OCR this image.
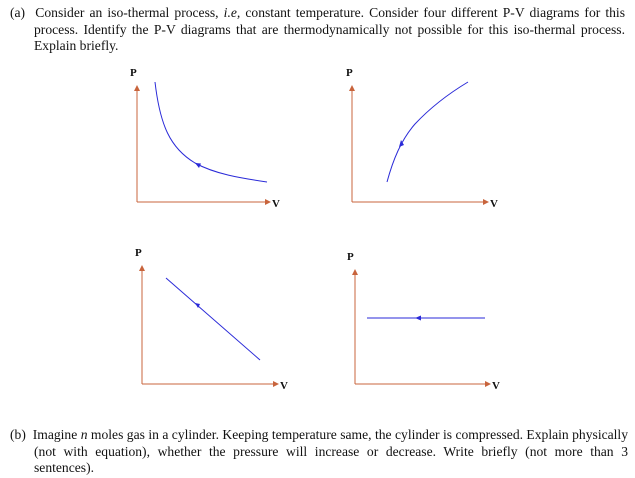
(a) Consider an iso-thermal process, i.e, constant temperature. Consider four different P-V diagrams for this process. Identify the P-V diagrams that are thermodynamically not possible for this iso-thermal process. Explain briefly.
P
V
P
V
P
V
P
V
(b) Imagine n moles gas in a cylinder. Keeping temperature same, the cylinder is compressed. Explain physically (not with equation), whether the pressure will increase or decrease. Write briefly (not more than 3 sentences).
